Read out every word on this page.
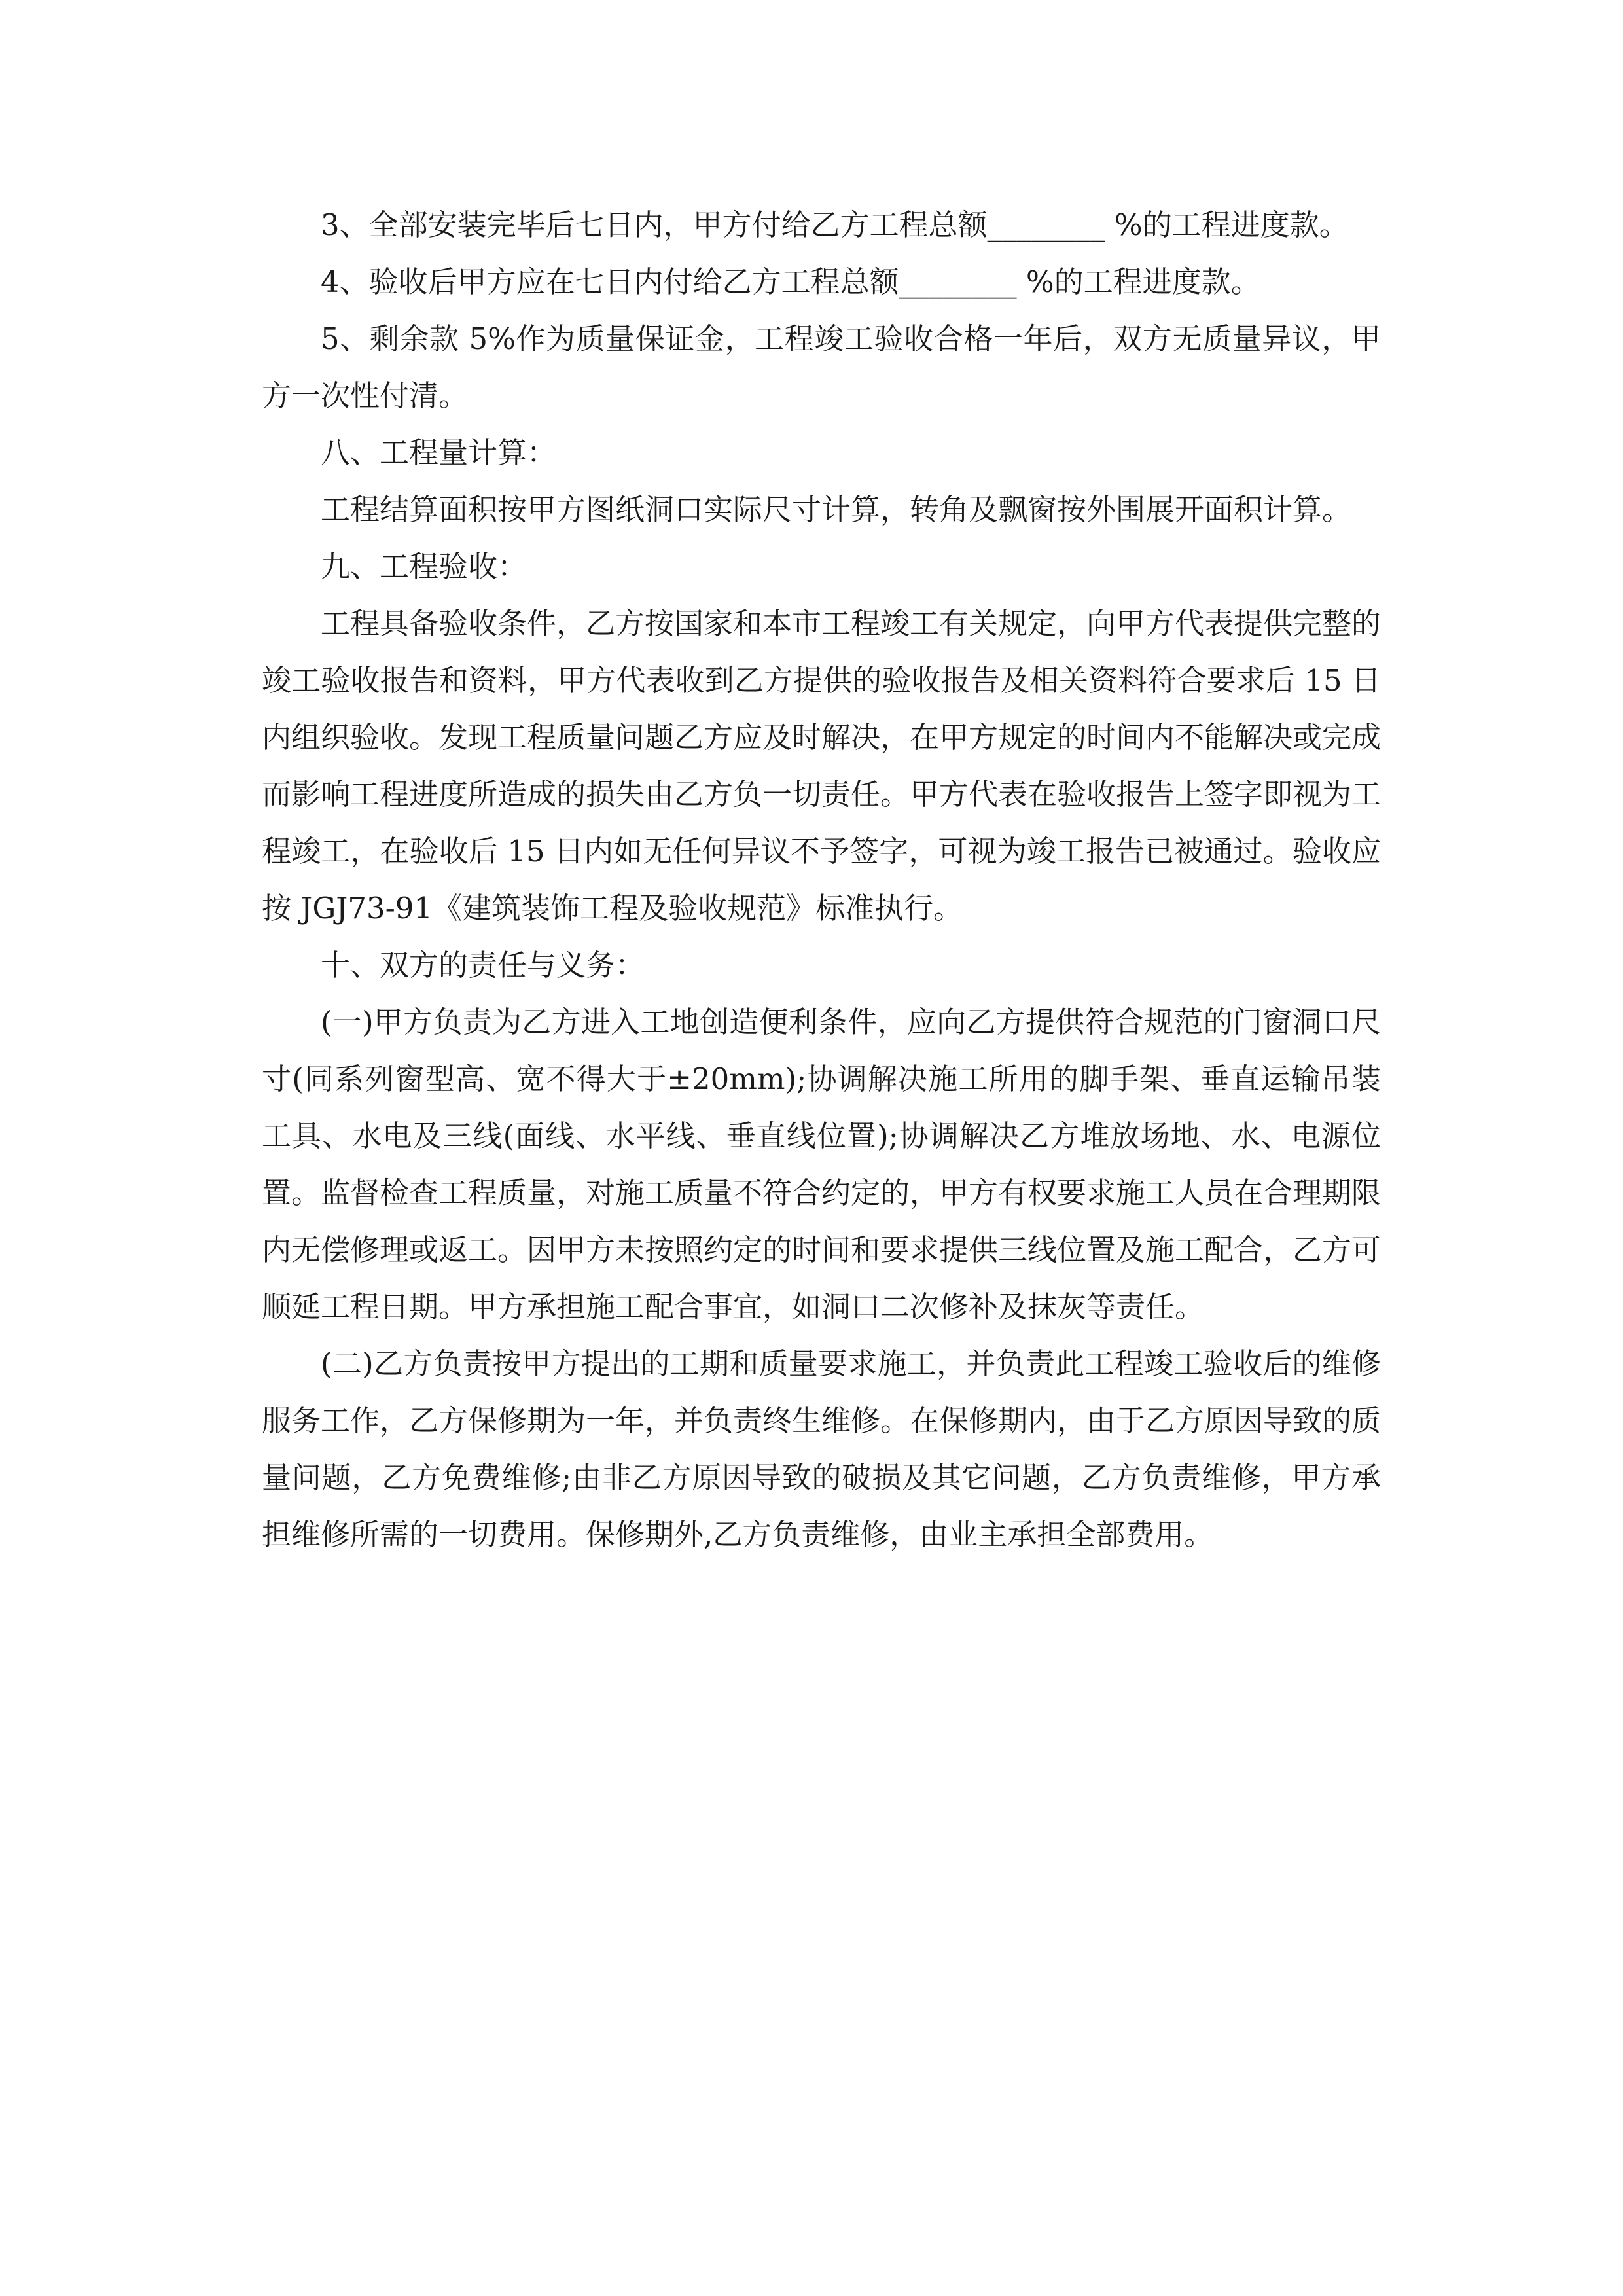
3、全部安装完毕后七日内，甲方付给乙方工程总额________ %的工程进度款。

4、验收后甲方应在七日内付给乙方工程总额________ %的工程进度款。

5、剩余款 5%作为质量保证金，工程竣工验收合格一年后，双方无质量异议，甲方一次性付清。

八、工程量计算：

工程结算面积按甲方图纸洞口实际尺寸计算，转角及飘窗按外围展开面积计算。

九、工程验收：

工程具备验收条件，乙方按国家和本市工程竣工有关规定，向甲方代表提供完整的竣工验收报告和资料，甲方代表收到乙方提供的验收报告及相关资料符合要求后 15 日内组织验收。发现工程质量问题乙方应及时解决，在甲方规定的时间内不能解决或完成而影响工程进度所造成的损失由乙方负一切责任。甲方代表在验收报告上签字即视为工程竣工，在验收后 15 日内如无任何异议不予签字，可视为竣工报告已被通过。验收应按 JGJ73-91《建筑装饰工程及验收规范》标准执行。

十、双方的责任与义务：

(一)甲方负责为乙方进入工地创造便利条件，应向乙方提供符合规范的门窗洞口尺寸(同系列窗型高、宽不得大于±20mm);协调解决施工所用的脚手架、垂直运输吊装工具、水电及三线(面线、水平线、垂直线位置);协调解决乙方堆放场地、水、电源位置。监督检查工程质量，对施工质量不符合约定的，甲方有权要求施工人员在合理期限内无偿修理或返工。因甲方未按照约定的时间和要求提供三线位置及施工配合，乙方可顺延工程日期。甲方承担施工配合事宜，如洞口二次修补及抹灰等责任。

(二)乙方负责按甲方提出的工期和质量要求施工，并负责此工程竣工验收后的维修服务工作，乙方保修期为一年，并负责终生维修。在保修期内，由于乙方原因导致的质量问题，乙方免费维修;由非乙方原因导致的破损及其它问题，乙方负责维修，甲方承担维修所需的一切费用。保修期外,乙方负责维修，由业主承担全部费用。
